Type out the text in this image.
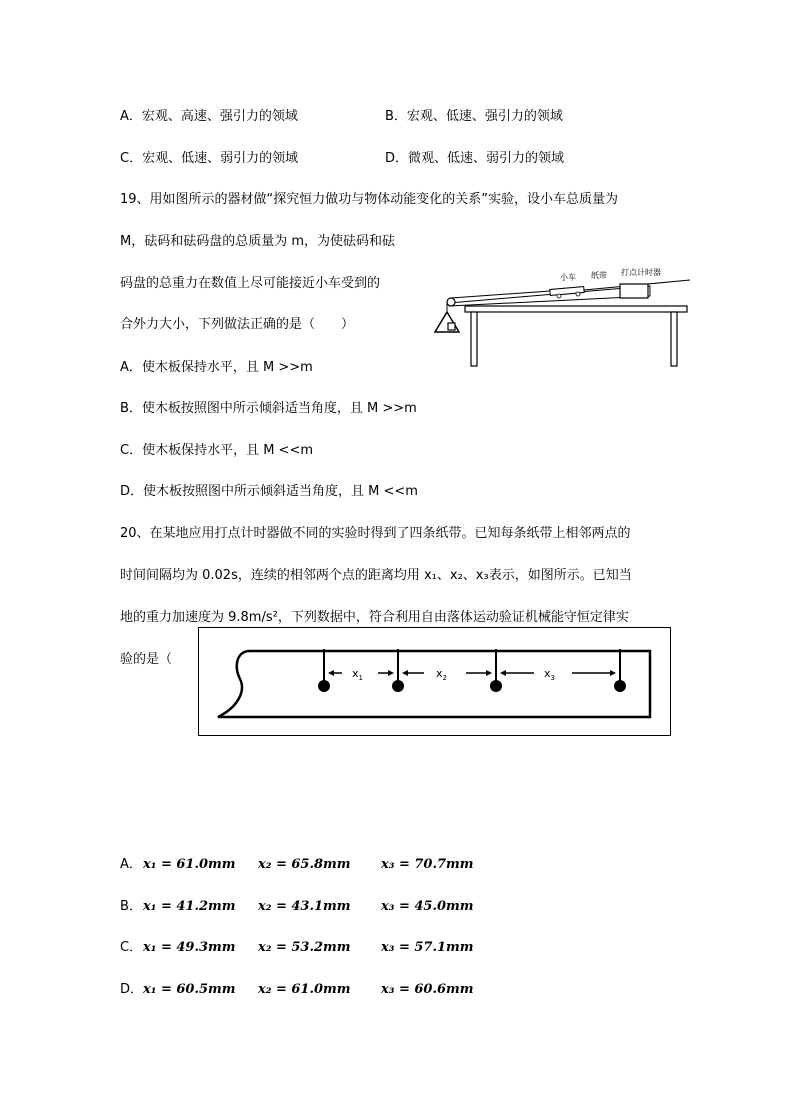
A．宏观、高速、强引力的领域	B．宏观、低速、强引力的领域
C．宏观、低速、弱引力的领域	D．微观、低速、弱引力的领域
19、用如图所示的器材做“探究恒力做功与物体动能变化的关系”实验，设小车总质量为
M，砝码和砝码盘的总质量为 m，为使砝码和砝
码盘的总重力在数值上尽可能接近小车受到的
合外力大小，下列做法正确的是（　　）
A．使木板保持水平，且 M >>m
B．使木板按照图中所示倾斜适当角度，且 M >>m
C．使木板保持水平，且 M <<m
D．使木板按照图中所示倾斜适当角度，且 M <<m
小车 纸带 打点计时器
20、在某地应用打点计时器做不同的实验时得到了四条纸带。已知每条纸带上相邻两点的
时间间隔均为 0.02s，连续的相邻两个点的距离均用 x₁、x₂、x₃表示，如图所示。已知当
地的重力加速度为 9.8m/s²，下列数据中，符合利用自由落体运动验证机械能守恒定律实
验的是（
$x_1$	$x_2$	$x_3$
A． x₁ = 61.0mm x₂ = 65.8mm x₃ = 70.7mm
B． x₁ = 41.2mm x₂ = 43.1mm x₃ = 45.0mm
C． x₁ = 49.3mm x₂ = 53.2mm x₃ = 57.1mm
D． x₁ = 60.5mm x₂ = 61.0mm x₃ = 60.6mm
